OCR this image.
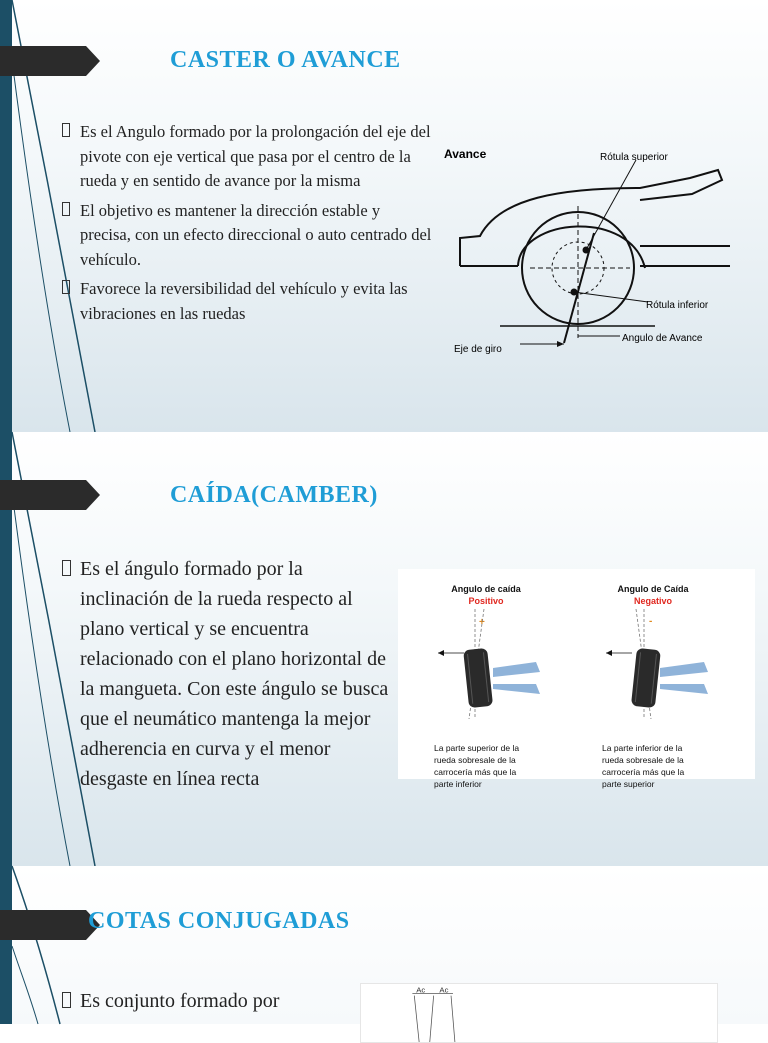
CASTER O AVANCE
Es el Angulo formado por la prolongación del eje del pivote con eje vertical que pasa por el centro de la rueda y en sentido de avance por la misma
El objetivo es mantener la dirección estable y precisa, con un efecto direccional o auto centrado del vehículo.
Favorece la reversibilidad del vehículo y evita las vibraciones en las ruedas
Avance	Rótula superior
Rótula inferior
Angulo de Avance
Eje de giro
CAÍDA(CAMBER)
Es el ángulo formado por la inclinación de la rueda respecto al plano vertical y se encuentra relacionado con el plano horizontal de la mangueta. Con este ángulo se busca que el neumático mantenga la mejor adherencia en curva y el menor desgaste en línea recta
Angulo de caída
Positivo
+
La parte superior de la
rueda sobresale de la
carrocería más que la
parte inferior
Angulo de Caída
Negativo
-
La parte inferior de la
rueda sobresale de la
carrocería más que la
parte superior
COTAS CONJUGADAS
Es conjunto formado por	Ac Ac
